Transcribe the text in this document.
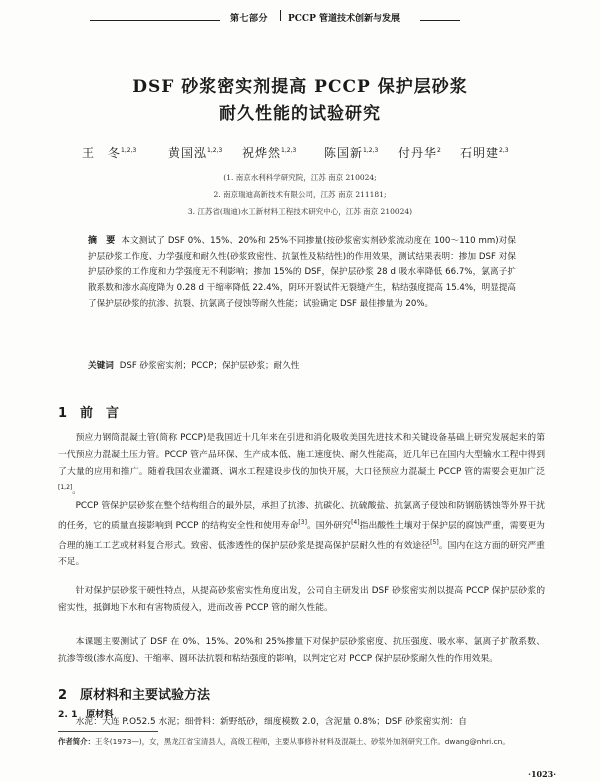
第七部分 PCCP 管道技术创新与发展
DSF 砂浆密实剂提高 PCCP 保护层砂浆
耐久性能的试验研究
王　冬$^{1,2,3}$	黄国泓$^{1,2,3}$ 祝烨然$^{1,2,3}$ 陈国新$^{1,2,3}$ 付丹华$^2$ 石明建$^{2,3}$
(1. 南京水利科学研究院，江苏 南京 210024;
2. 南京瑞迪高新技术有限公司，江苏 南京 211181;
3. 江苏省(瑞迪)水工新材料工程技术研究中心，江苏 南京 210024)
摘　要 本文测试了 DSF 0%、15%、20%和 25%不同掺量(按砂浆密实剂砂浆流动度在 100～110 mm)对保护层砂浆工作度、力学强度和耐久性(砂浆致密性、抗氯性及粘结性)的作用效果，测试结果表明：掺加 DSF 对保护层砂浆的工作度和力学强度无不利影响；掺加 15%的 DSF，保护层砂浆 28 d 吸水率降低 66.7%，氯离子扩散系数和渗水高度降为 0.28 d 干缩率降低 22.4%，阴环开裂试件无裂缝产生，粘结强度提高 15.4%，明显提高了保护层砂浆的抗渗、抗裂、抗氯离子侵蚀等耐久性能；试验确定 DSF 最佳掺量为 20%。
关键词 DSF 砂浆密实剂；PCCP；保护层砂浆；耐久性
1 前　言
预应力钢筒混凝土管(简称 PCCP)是我国近十几年来在引进和消化吸收美国先进技术和关键设备基础上研究发展起来的第一代预应力混凝土压力管。PCCP 管产品环保、生产成本低、施工速度快、耐久性能高，近几年已在国内大型输水工程中得到了大量的应用和推广。随着我国农业灌溉、调水工程建设步伐的加快开展，大口径预应力混凝土 PCCP 管的需要会更加广泛[1,2]。
PCCP 管保护层砂浆在整个结构组合的最外层，承担了抗渗、抗碳化、抗硫酸盐、抗氯离子侵蚀和防钢筋锈蚀等外界干扰的任务，它的质量直接影响到 PCCP 的结构安全性和使用寿命[3]。国外研究[4]指出酸性土壤对于保护层的腐蚀严重，需要更为合理的施工工艺或材料复合形式。致密、低渗透性的保护层砂浆是提高保护层耐久性的有效途径[5]。国内在这方面的研究严重不足。
针对保护层砂浆干硬性特点，从提高砂浆密实性角度出发，公司自主研发出 DSF 砂浆密实剂以提高 PCCP 保护层砂浆的密实性，抵御地下水和有害物质侵入，进而改善 PCCP 管的耐久性能。
本课题主要测试了 DSF 在 0%、15%、20%和 25%掺量下对保护层砂浆密度、抗压强度、吸水率、氯离子扩散系数、抗渗等级(渗水高度)、干缩率、圆环法抗裂和粘结强度的影响，以判定它对 PCCP 保护层砂浆耐久性的作用效果。
2 原材料和主要试验方法
2. 1 原材料
水泥：大连 P.O52.5 水泥；细骨料：新野纸砂，细度模数 2.0，含泥量 0.8%；DSF 砂浆密实剂：自
作者简介：王冬(1973—)，女，黑龙江省宝清县人，高级工程师，主要从事修补材料及混凝土、砂浆外加剂研究工作。dwang@nhri.cn。
·1023·
